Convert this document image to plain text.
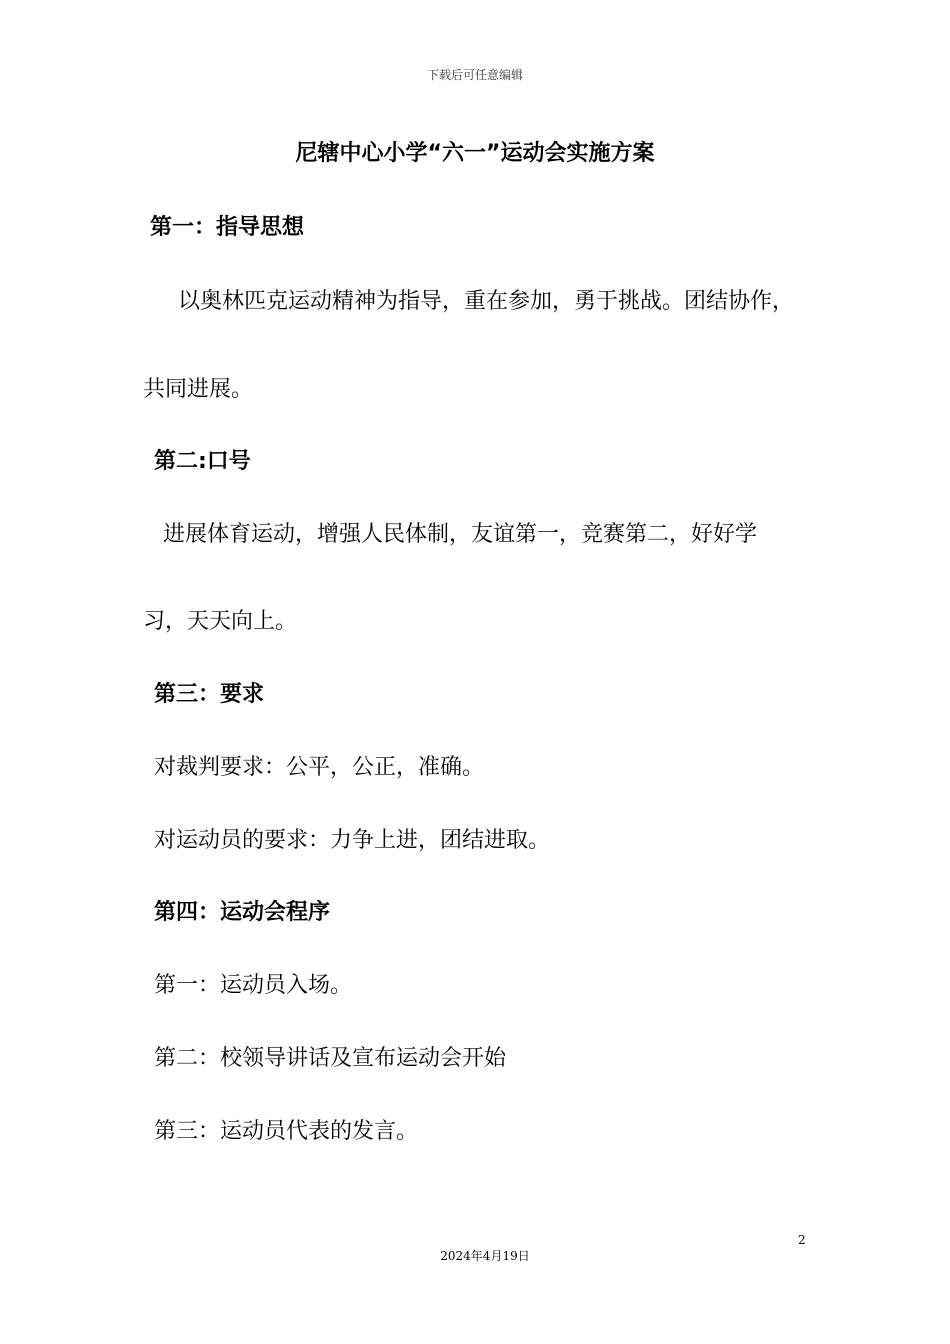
下载后可任意编辑
尼辖中心小学“六一”运动会实施方案
第一：指导思想
以奥林匹克运动精神为指导，重在参加，勇于挑战。团结协作，
共同进展。
第二:口号
进展体育运动，增强人民体制，友谊第一，竞赛第二，好好学
习，天天向上。
第三：要求
对裁判要求：公平，公正，准确。
对运动员的要求：力争上进，团结进取。
第四：运动会程序
第一：运动员入场。
第二：校领导讲话及宣布运动会开始
第三：运动员代表的发言。
2
2024年4月19日
